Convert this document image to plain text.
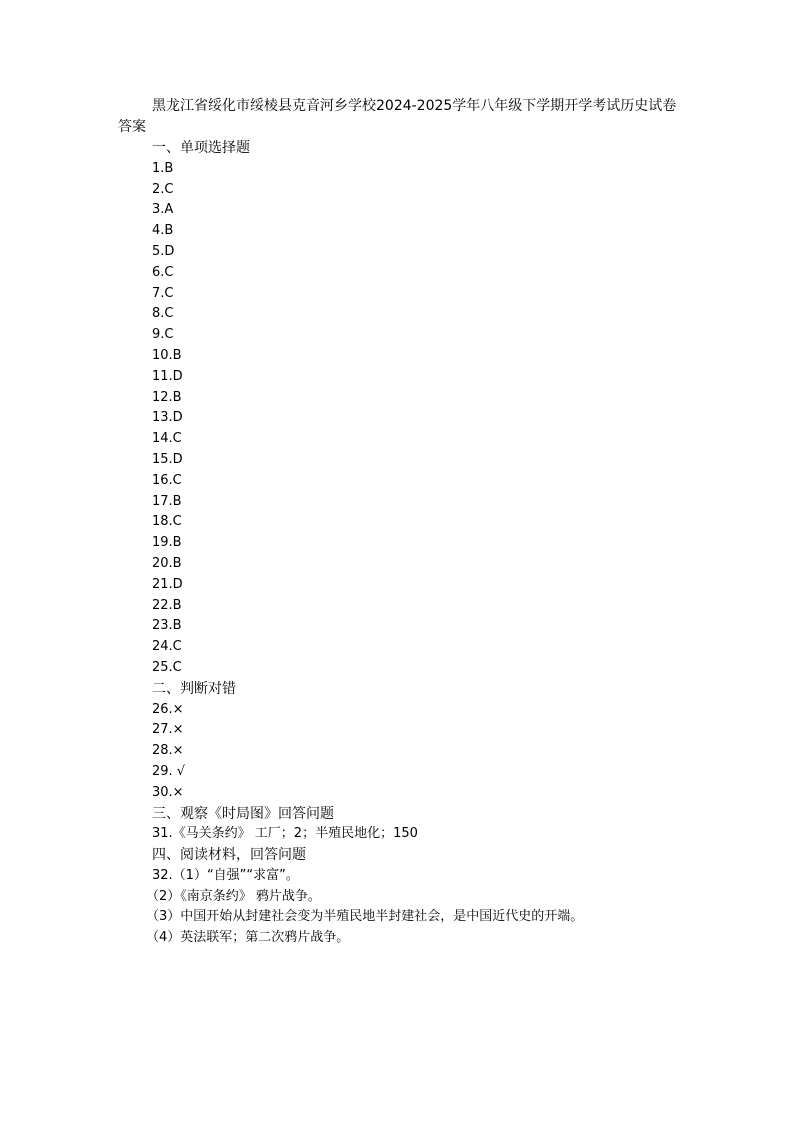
黑龙江省绥化市绥棱县克音河乡学校2024-2025学年八年级下学期开学考试历史试卷答案
一、单项选择题
1.B
2.C
3.A
4.B
5.D
6.C
7.C
8.C
9.C
10.B
11.D
12.B
13.D
14.C
15.D
16.C
17.B
18.C
19.B
20.B
21.D
22.B
23.B
24.C
25.C
二、判断对错
26.×
27.×
28.×
29. √
30.×
三、观察《时局图》回答问题
31.《马关条约》 工厂；2；半殖民地化；150
四、阅读材料，回答问题
32.（1）“自强”“求富”。
（2）《南京条约》 鸦片战争。
（3）中国开始从封建社会变为半殖民地半封建社会，是中国近代史的开端。
（4）英法联军；第二次鸦片战争。
